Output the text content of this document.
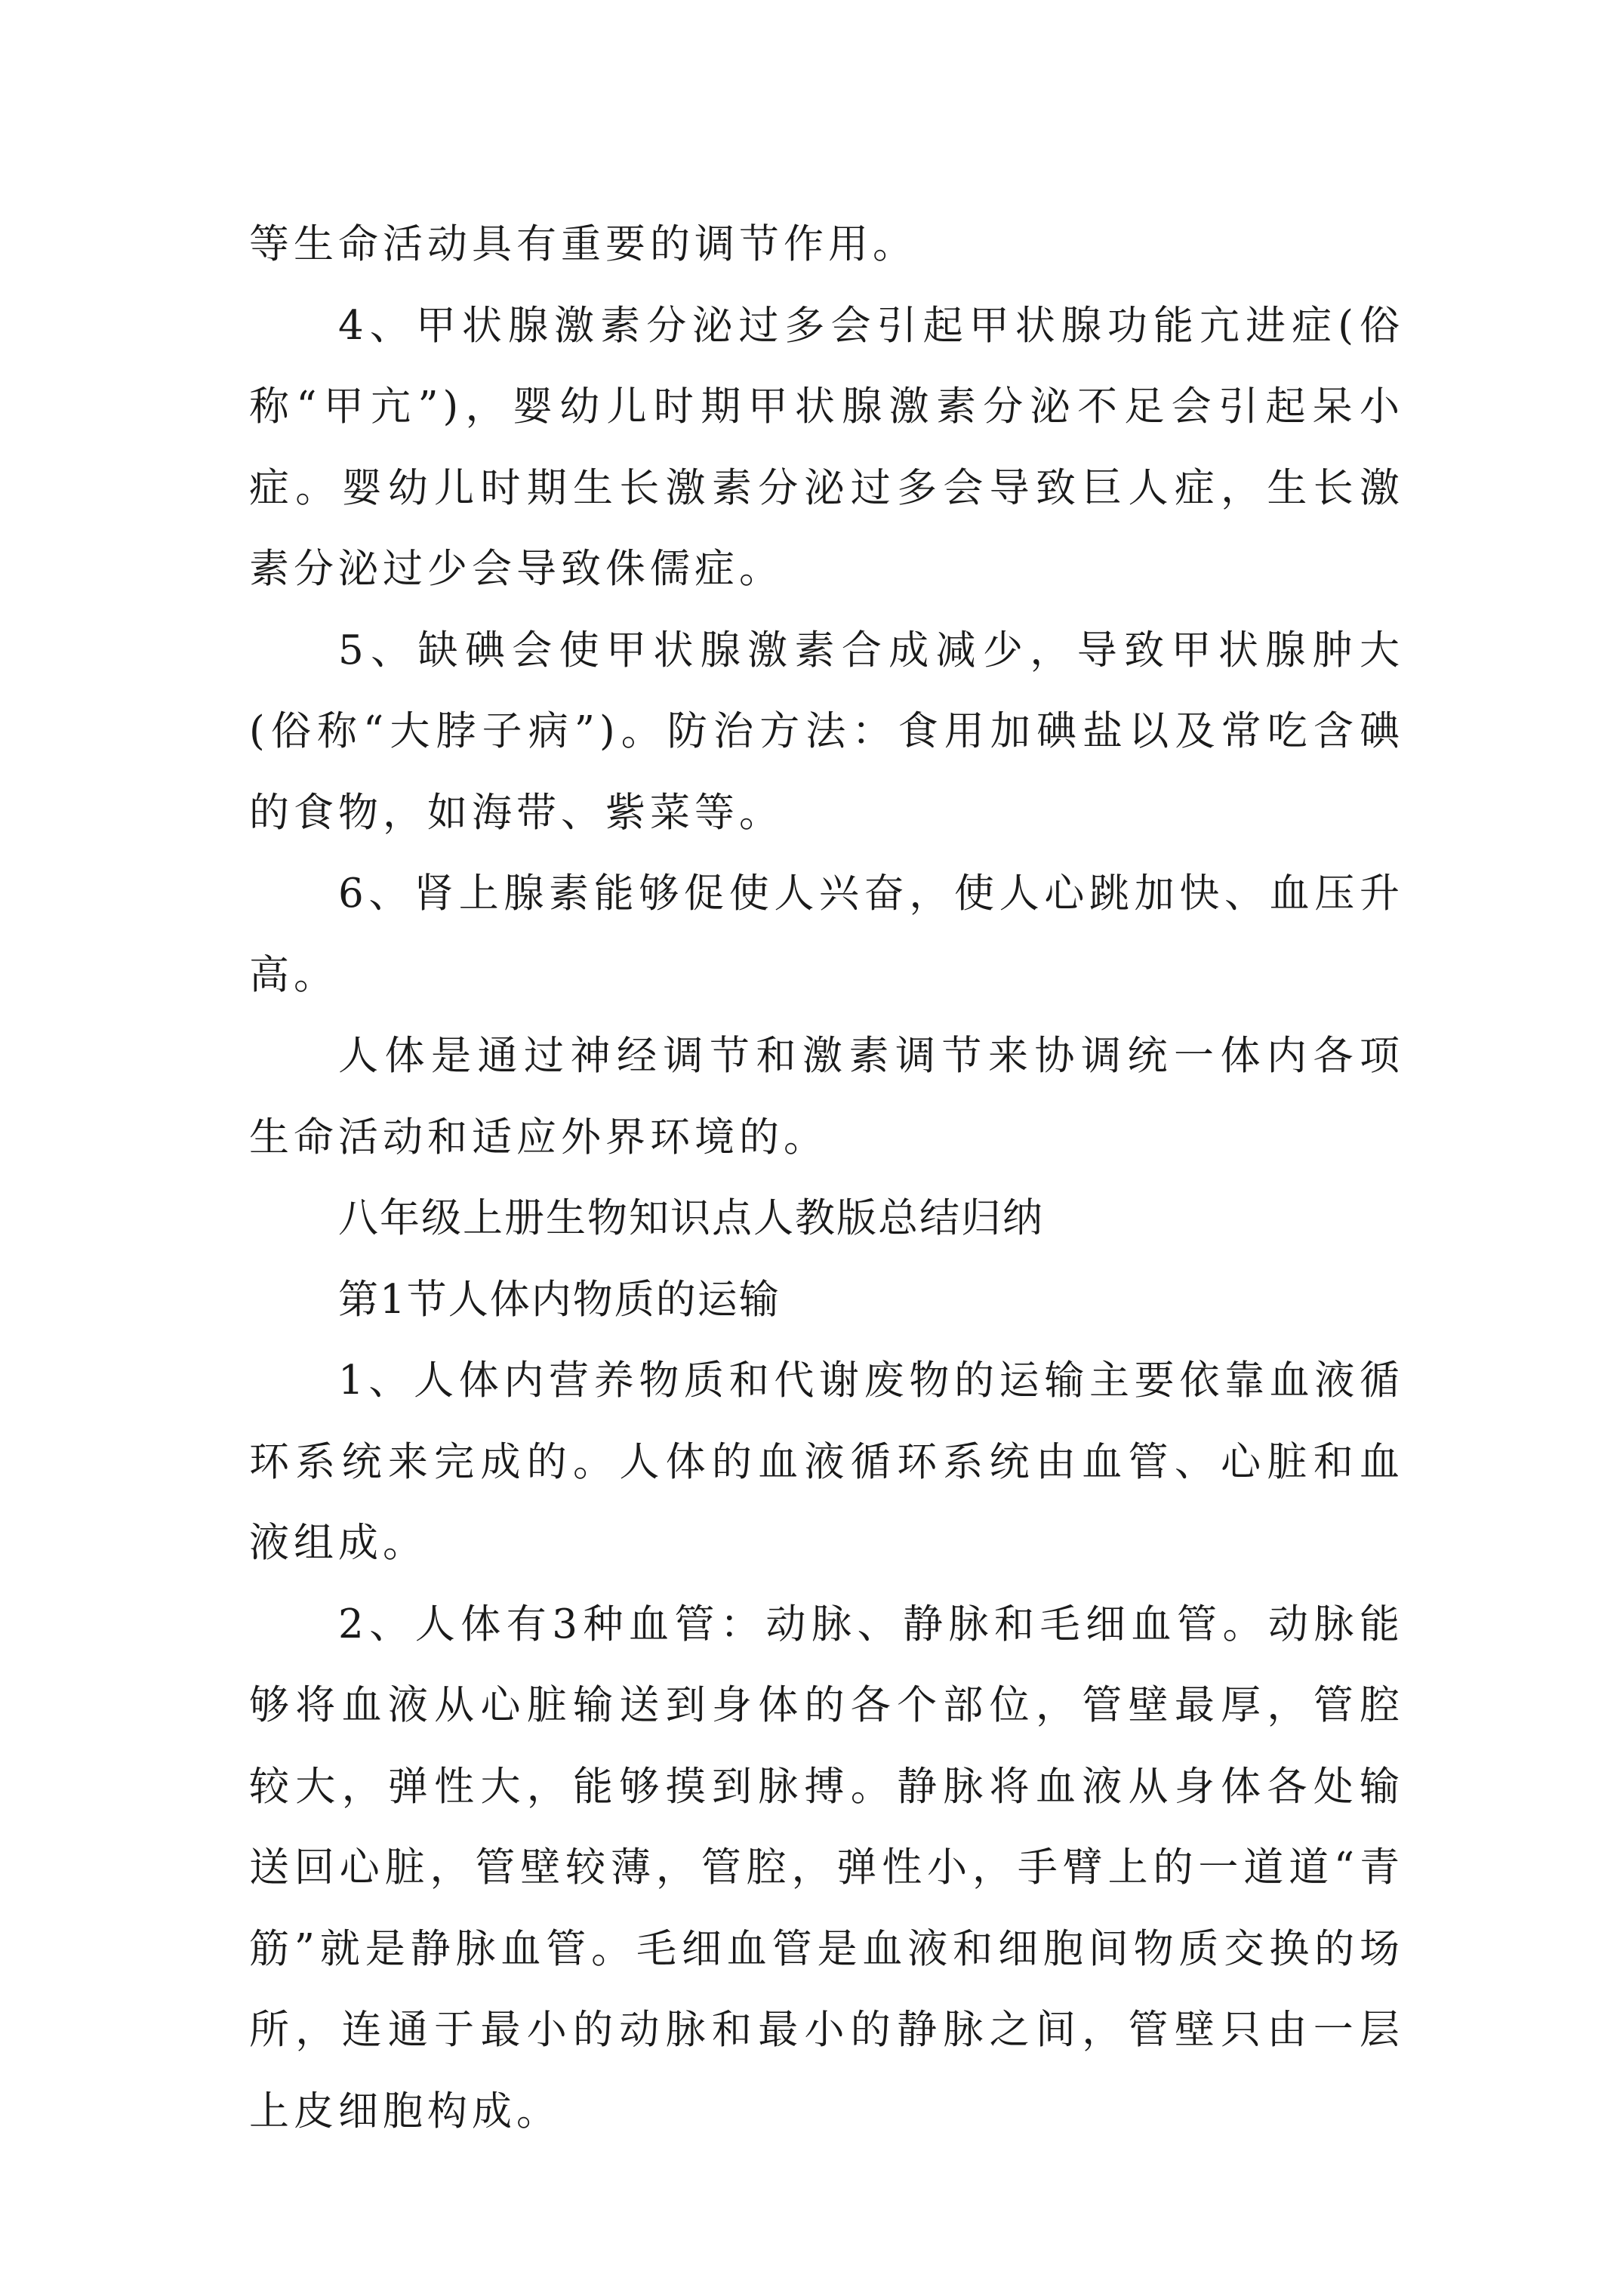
等生命活动具有重要的调节作用。

4、甲状腺激素分泌过多会引起甲状腺功能亢进症(俗称“甲亢”)，婴幼儿时期甲状腺激素分泌不足会引起呆小症。婴幼儿时期生长激素分泌过多会导致巨人症，生长激素分泌过少会导致侏儒症。

5、缺碘会使甲状腺激素合成减少，导致甲状腺肿大(俗称“大脖子病”)。防治方法：食用加碘盐以及常吃含碘的食物，如海带、紫菜等。

6、肾上腺素能够促使人兴奋，使人心跳加快、血压升高。

人体是通过神经调节和激素调节来协调统一体内各项生命活动和适应外界环境的。

八年级上册生物知识点人教版总结归纳

第1节人体内物质的运输

1、人体内营养物质和代谢废物的运输主要依靠血液循环系统来完成的。人体的血液循环系统由血管、心脏和血液组成。

2、人体有3种血管：动脉、静脉和毛细血管。动脉能够将血液从心脏输送到身体的各个部位，管壁最厚，管腔较大，弹性大，能够摸到脉搏。静脉将血液从身体各处输送回心脏，管壁较薄，管腔，弹性小，手臂上的一道道“青筋”就是静脉血管。毛细血管是血液和细胞间物质交换的场所，连通于最小的动脉和最小的静脉之间，管壁只由一层上皮细胞构成。
